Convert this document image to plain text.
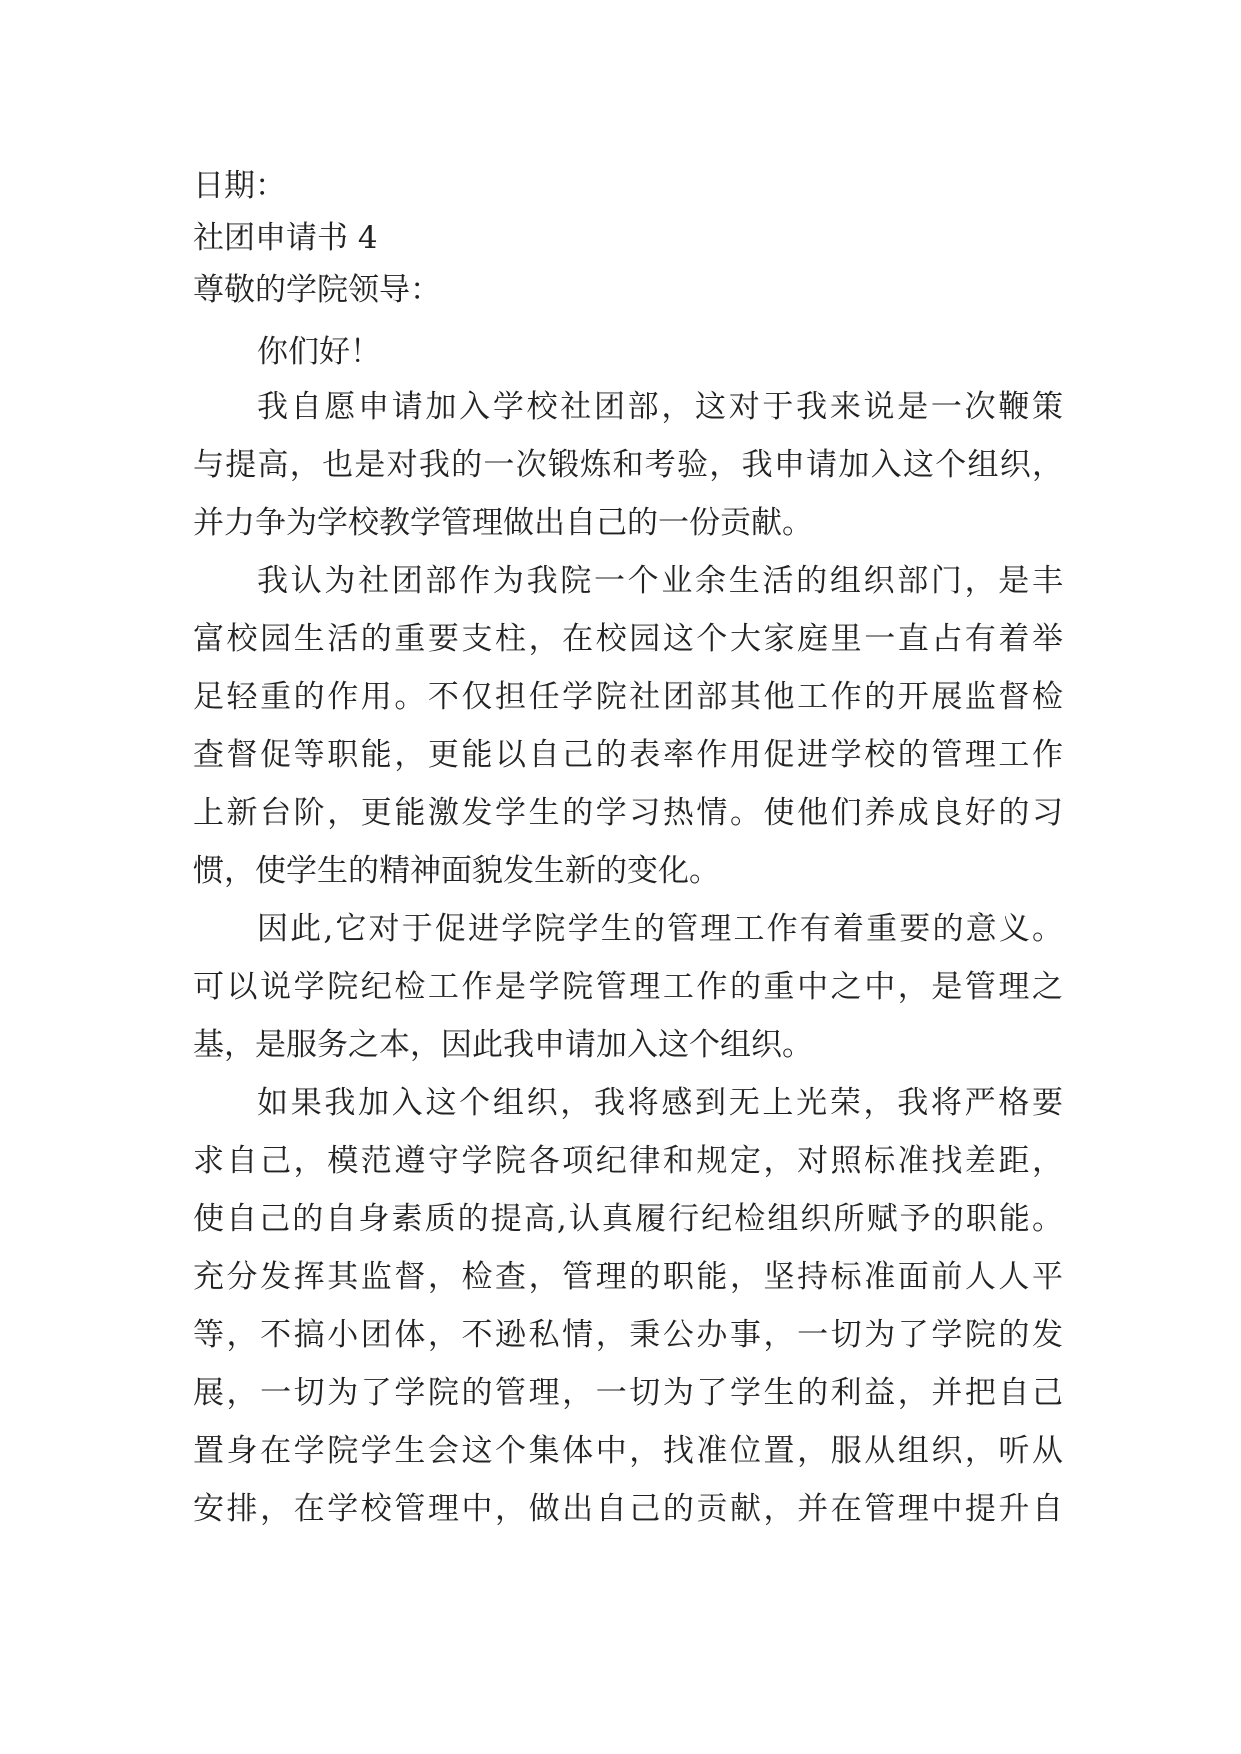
日期：

社团申请书 4

尊敬的学院领导：

你们好！

我自愿申请加入学校社团部，这对于我来说是一次鞭策

与提高，也是对我的一次锻炼和考验，我申请加入这个组织，

并力争为学校教学管理做出自己的一份贡献。

我认为社团部作为我院一个业余生活的组织部门，是丰

富校园生活的重要支柱，在校园这个大家庭里一直占有着举

足轻重的作用。不仅担任学院社团部其他工作的开展监督检

查督促等职能，更能以自己的表率作用促进学校的管理工作

上新台阶，更能激发学生的学习热情。使他们养成良好的习

惯，使学生的精神面貌发生新的变化。

因此,它对于促进学院学生的管理工作有着重要的意义。

可以说学院纪检工作是学院管理工作的重中之中，是管理之

基，是服务之本，因此我申请加入这个组织。

如果我加入这个组织，我将感到无上光荣，我将严格要

求自己，模范遵守学院各项纪律和规定，对照标准找差距，

使自己的自身素质的提高,认真履行纪检组织所赋予的职能。

充分发挥其监督，检查，管理的职能，坚持标准面前人人平

等，不搞小团体，不逊私情，秉公办事，一切为了学院的发

展，一切为了学院的管理，一切为了学生的利益，并把自己

置身在学院学生会这个集体中，找准位置，服从组织，听从

安排，在学校管理中，做出自己的贡献，并在管理中提升自
